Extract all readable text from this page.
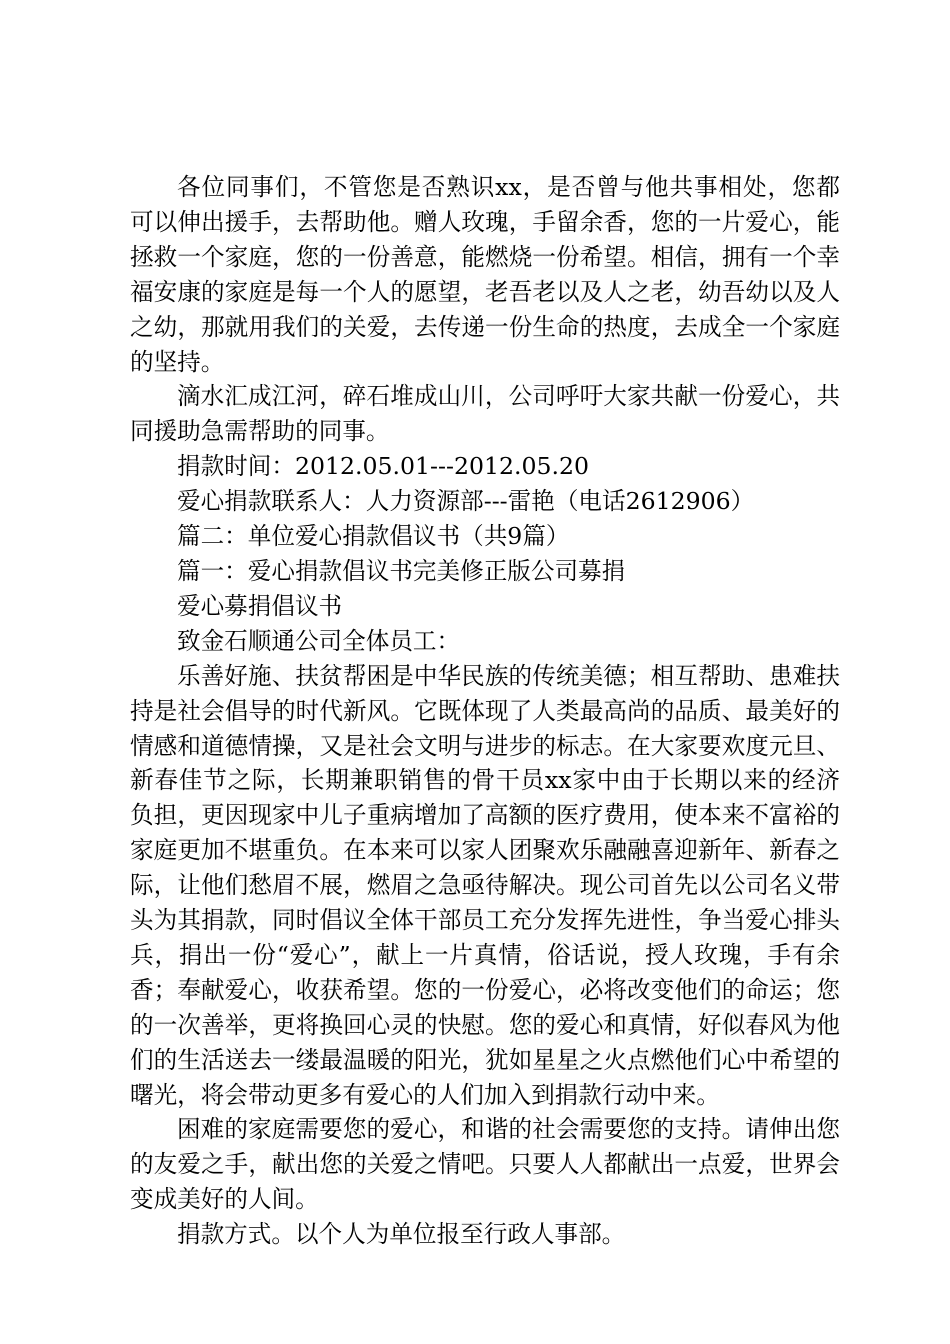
各位同事们，不管您是否熟识xx，是否曾与他共事相处，您都可以伸出援手，去帮助他。赠人玫瑰，手留余香，您的一片爱心，能拯救一个家庭，您的一份善意，能燃烧一份希望。相信，拥有一个幸福安康的家庭是每一个人的愿望，老吾老以及人之老，幼吾幼以及人之幼，那就用我们的关爱，去传递一份生命的热度，去成全一个家庭的坚持。

滴水汇成江河，碎石堆成山川，公司呼吁大家共献一份爱心，共同援助急需帮助的同事。

捐款时间：2012.05.01---2012.05.20

爱心捐款联系人：人力资源部---雷艳（电话2612906）

篇二：单位爱心捐款倡议书（共9篇）

篇一：爱心捐款倡议书完美修正版公司募捐

爱心募捐倡议书

致金石顺通公司全体员工：

乐善好施、扶贫帮困是中华民族的传统美德；相互帮助、患难扶持是社会倡导的时代新风。它既体现了人类最高尚的品质、最美好的情感和道德情操，又是社会文明与进步的标志。在大家要欢度元旦、新春佳节之际，长期兼职销售的骨干员xx家中由于长期以来的经济负担，更因现家中儿子重病增加了高额的医疗费用，使本来不富裕的家庭更加不堪重负。在本来可以家人团聚欢乐融融喜迎新年、新春之际，让他们愁眉不展，燃眉之急亟待解决。现公司首先以公司名义带头为其捐款，同时倡议全体干部员工充分发挥先进性，争当爱心排头兵，捐出一份“爱心”，献上一片真情，俗话说，授人玫瑰，手有余香；奉献爱心，收获希望。您的一份爱心，必将改变他们的命运；您的一次善举，更将换回心灵的快慰。您的爱心和真情，好似春风为他们的生活送去一缕最温暖的阳光，犹如星星之火点燃他们心中希望的曙光，将会带动更多有爱心的人们加入到捐款行动中来。

困难的家庭需要您的爱心，和谐的社会需要您的支持。请伸出您的友爱之手，献出您的关爱之情吧。只要人人都献出一点爱，世界会变成美好的人间。

捐款方式。以个人为单位报至行政人事部。
